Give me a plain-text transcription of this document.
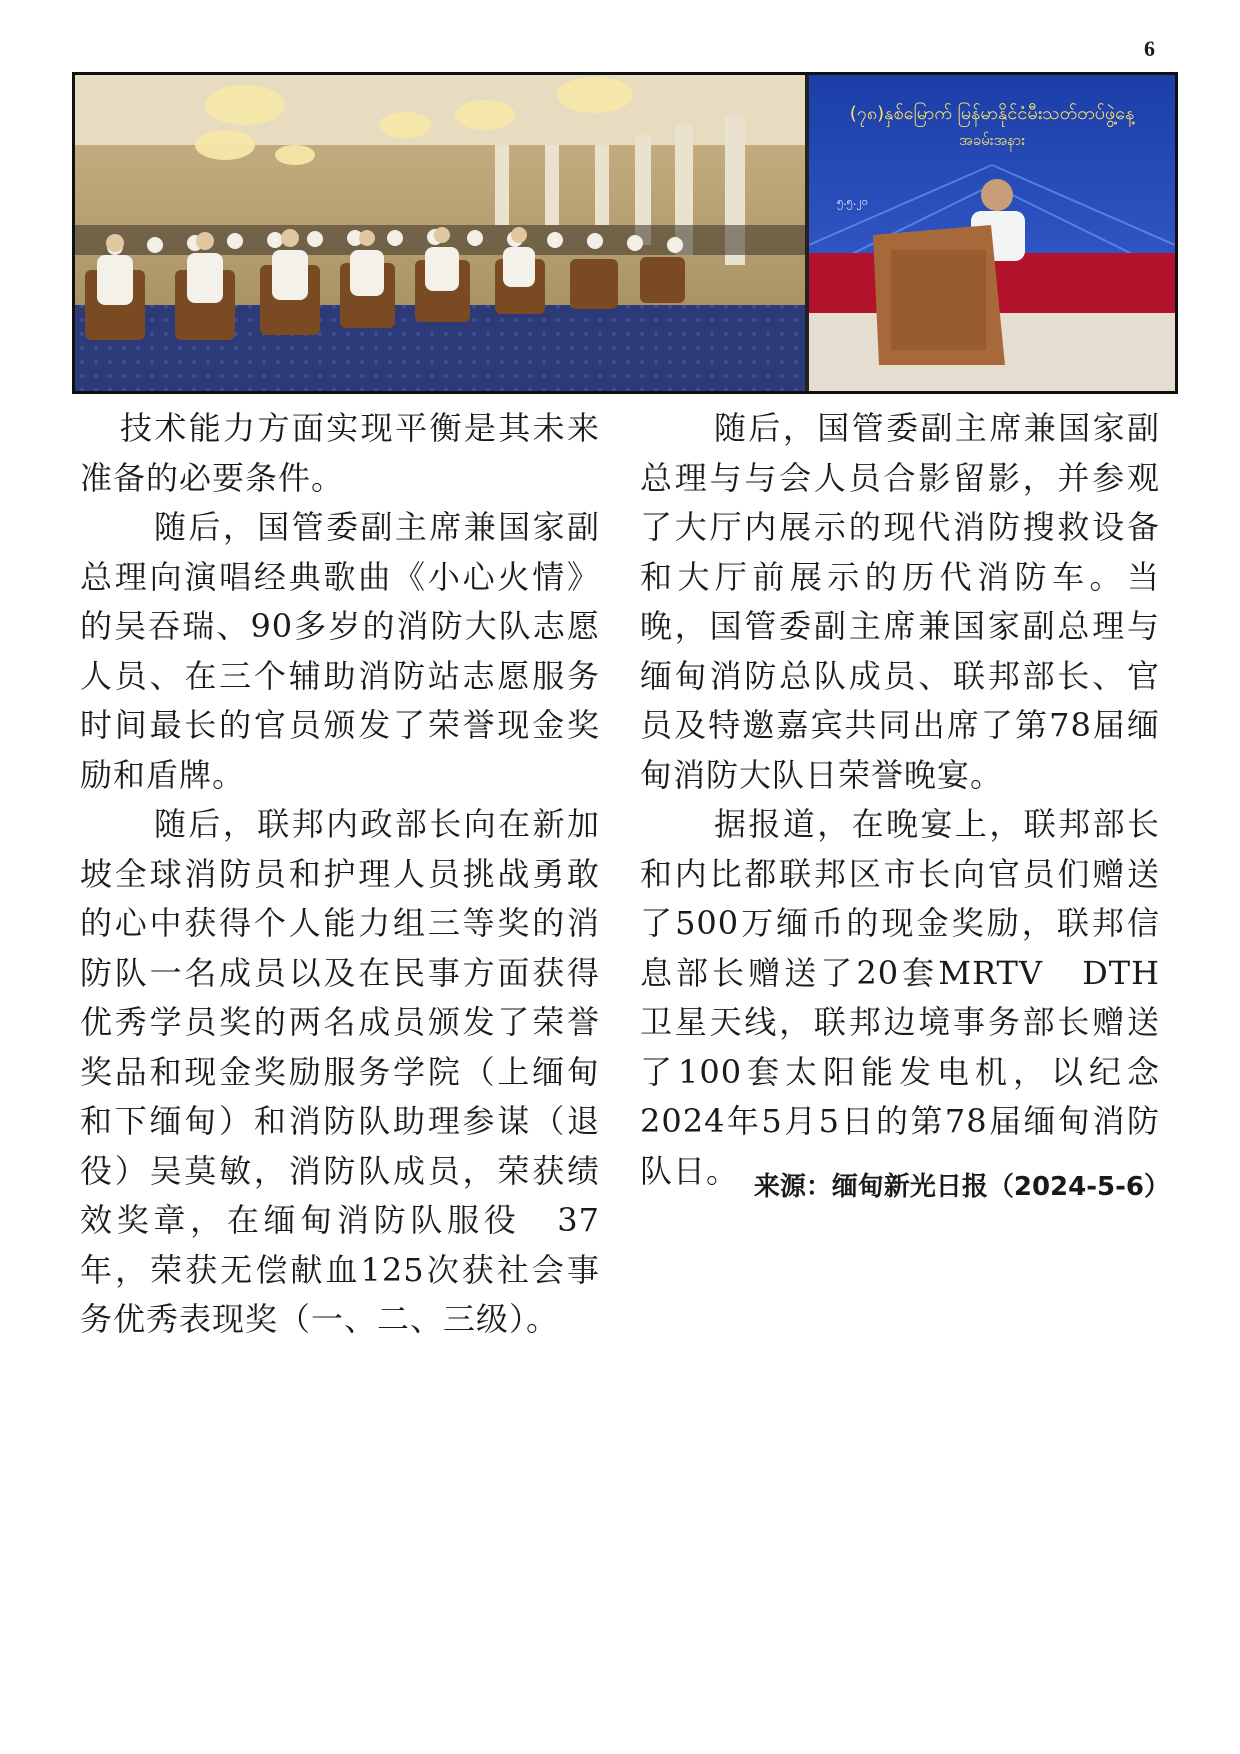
6
(၇၈)နှစ်မြောက် မြန်မာနိုင်ငံမီးသတ်တပ်ဖွဲ့နေ့
အခမ်းအနား
၅.၅.၂၀

技术能力方面实现平衡是其未来准备的必要条件。

随后，国管委副主席兼国家副总理向演唱经典歌曲《小心火情》的吴吞瑞、90多岁的消防大队志愿人员、在三个辅助消防站志愿服务时间最长的官员颁发了荣誉现金奖励和盾牌。

随后，联邦内政部长向在新加坡全球消防员和护理人员挑战勇敢的心中获得个人能力组三等奖的消防队一名成员以及在民事方面获得优秀学员奖的两名成员颁发了荣誉奖品和现金奖励服务学院（上缅甸和下缅甸）和消防队助理参谋（退役）吴莫敏，消防队成员，荣获绩效奖章，在缅甸消防队服役　37年，荣获无偿献血125次获社会事务优秀表现奖（一、二、三级）。

随后，国管委副主席兼国家副总理与与会人员合影留影，并参观了大厅内展示的现代消防搜救设备和大厅前展示的历代消防车。当晚，国管委副主席兼国家副总理与缅甸消防总队成员、联邦部长、官员及特邀嘉宾共同出席了第78届缅甸消防大队日荣誉晚宴。

据报道，在晚宴上，联邦部长和内比都联邦区市长向官员们赠送了500万缅币的现金奖励，联邦信息部长赠送了20套MRTV　DTH卫星天线，联邦边境事务部长赠送了100套太阳能发电机，以纪念2024年5月5日的第78届缅甸消防队日。 来源：缅甸新光日报（2024-5-6）
